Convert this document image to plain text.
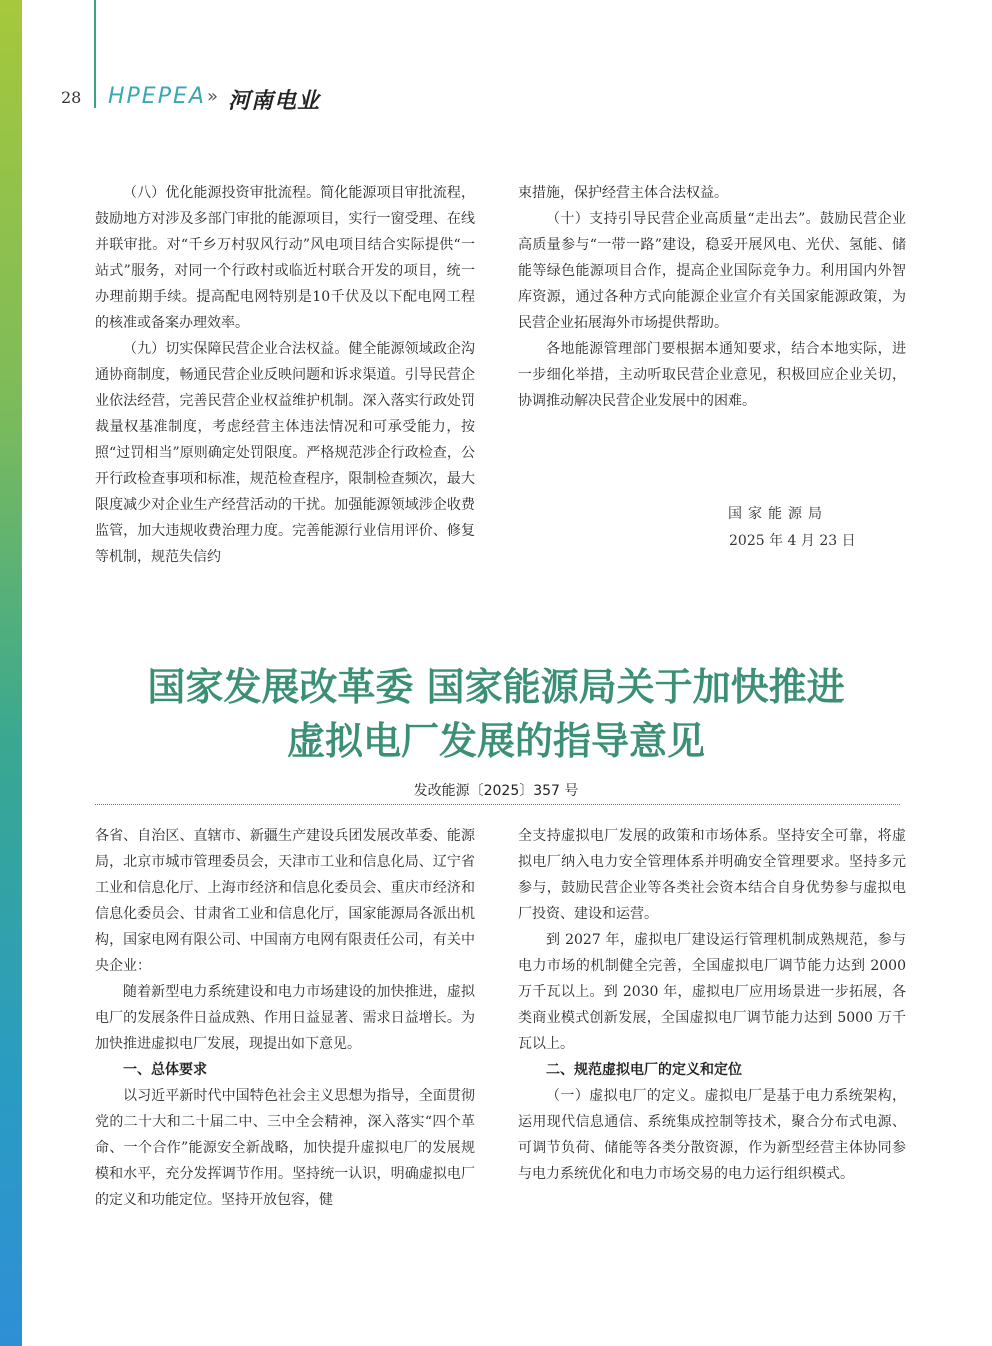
28 HPEPEA » 河南电业

（八）优化能源投资审批流程。简化能源项目审批流程，鼓励地方对涉及多部门审批的能源项目，实行一窗受理、在线并联审批。对“千乡万村驭风行动”风电项目结合实际提供“一站式”服务，对同一个行政村或临近村联合开发的项目，统一办理前期手续。提高配电网特别是10千伏及以下配电网工程的核准或备案办理效率。

（九）切实保障民营企业合法权益。健全能源领域政企沟通协商制度，畅通民营企业反映问题和诉求渠道。引导民营企业依法经营，完善民营企业权益维护机制。深入落实行政处罚裁量权基准制度，考虑经营主体违法情况和可承受能力，按照“过罚相当”原则确定处罚限度。严格规范涉企行政检查，公开行政检查事项和标准，规范检查程序，限制检查频次，最大限度减少对企业生产经营活动的干扰。加强能源领域涉企收费监管，加大违规收费治理力度。完善能源行业信用评价、修复等机制，规范失信约

束措施，保护经营主体合法权益。

（十）支持引导民营企业高质量“走出去”。鼓励民营企业高质量参与“一带一路”建设，稳妥开展风电、光伏、氢能、储能等绿色能源项目合作，提高企业国际竞争力。利用国内外智库资源，通过各种方式向能源企业宣介有关国家能源政策，为民营企业拓展海外市场提供帮助。

各地能源管理部门要根据本通知要求，结合本地实际，进一步细化举措，主动听取民营企业意见，积极回应企业关切，协调推动解决民营企业发展中的困难。

国家能源局
2025 年 4 月 23 日
国家发展改革委 国家能源局关于加快推进
虚拟电厂发展的指导意见
发改能源〔2025〕357 号

各省、自治区、直辖市、新疆生产建设兵团发展改革委、能源局，北京市城市管理委员会，天津市工业和信息化局、辽宁省工业和信息化厅、上海市经济和信息化委员会、重庆市经济和信息化委员会、甘肃省工业和信息化厅，国家能源局各派出机构，国家电网有限公司、中国南方电网有限责任公司，有关中央企业：

随着新型电力系统建设和电力市场建设的加快推进，虚拟电厂的发展条件日益成熟、作用日益显著、需求日益增长。为加快推进虚拟电厂发展，现提出如下意见。

一、总体要求

以习近平新时代中国特色社会主义思想为指导，全面贯彻党的二十大和二十届二中、三中全会精神，深入落实“四个革命、一个合作”能源安全新战略，加快提升虚拟电厂的发展规模和水平，充分发挥调节作用。坚持统一认识，明确虚拟电厂的定义和功能定位。坚持开放包容，健

全支持虚拟电厂发展的政策和市场体系。坚持安全可靠，将虚拟电厂纳入电力安全管理体系并明确安全管理要求。坚持多元参与，鼓励民营企业等各类社会资本结合自身优势参与虚拟电厂投资、建设和运营。

到 2027 年，虚拟电厂建设运行管理机制成熟规范，参与电力市场的机制健全完善，全国虚拟电厂调节能力达到 2000 万千瓦以上。到 2030 年，虚拟电厂应用场景进一步拓展，各类商业模式创新发展，全国虚拟电厂调节能力达到 5000 万千瓦以上。

二、规范虚拟电厂的定义和定位

（一）虚拟电厂的定义。虚拟电厂是基于电力系统架构，运用现代信息通信、系统集成控制等技术，聚合分布式电源、可调节负荷、储能等各类分散资源，作为新型经营主体协同参与电力系统优化和电力市场交易的电力运行组织模式。
